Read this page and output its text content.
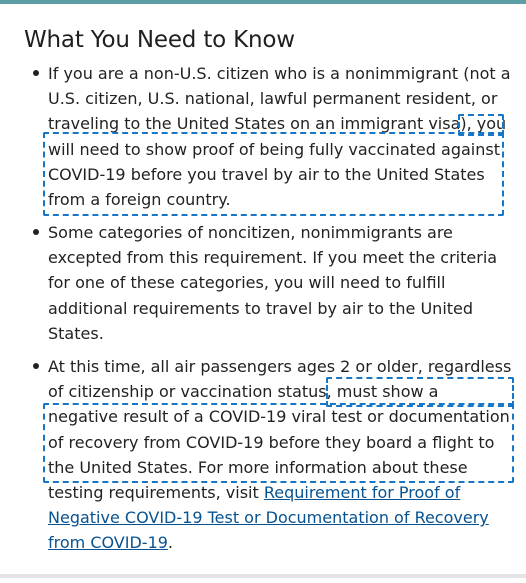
What You Need to Know
If you are a non-U.S. citizen who is a nonimmigrant (not a
U.S. citizen, U.S. national, lawful permanent resident, or
traveling to the United States on an immigrant visa), you
will need to show proof of being fully vaccinated against
COVID-19 before you travel by air to the United States
from a foreign country.
Some categories of noncitizen, nonimmigrants are
excepted from this requirement. If you meet the criteria
for one of these categories, you will need to fulfill
additional requirements to travel by air to the United
States.
At this time, all air passengers ages 2 or older, regardless
of citizenship or vaccination status, must show a
negative result of a COVID-19 viral test or documentation
of recovery from COVID-19 before they board a flight to
the United States. For more information about these
testing requirements, visit Requirement for Proof of
Negative COVID-19 Test or Documentation of Recovery
from COVID-19.
